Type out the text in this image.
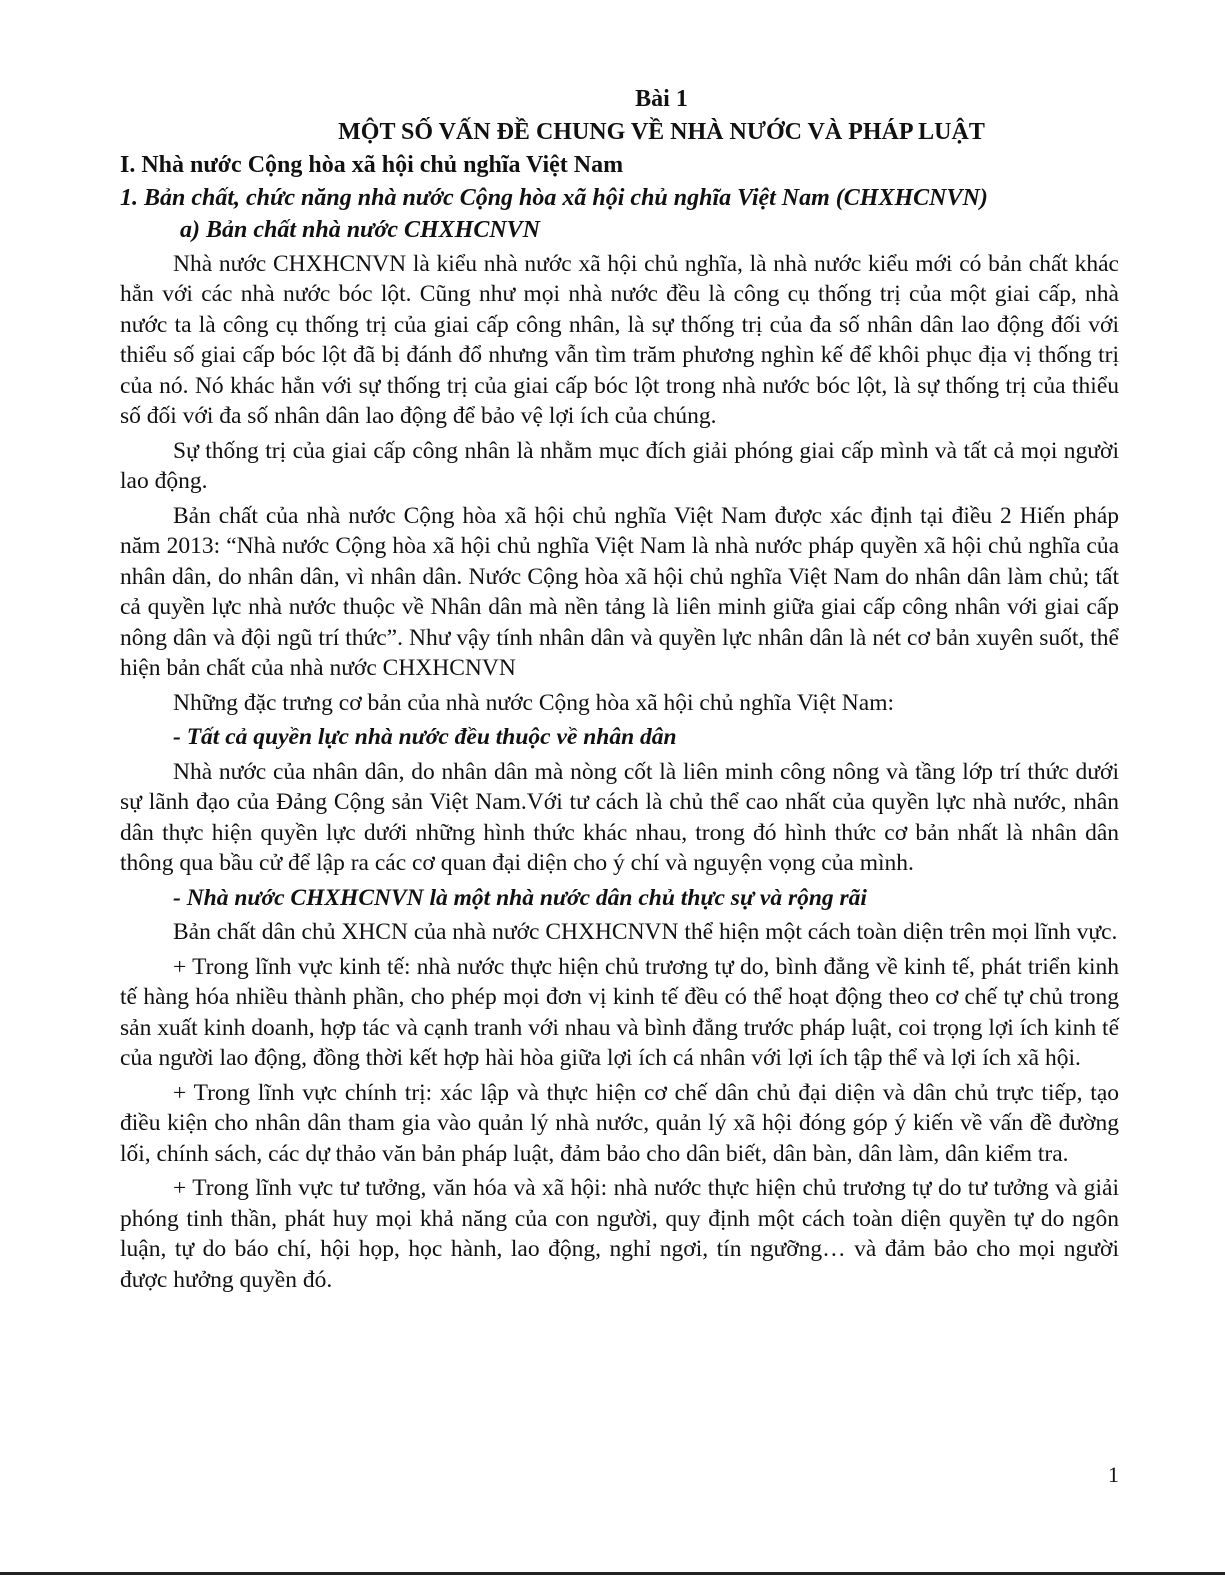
Bài 1
MỘT SỐ VẤN ĐỀ CHUNG VỀ NHÀ NƯỚC VÀ PHÁP LUẬT
I. Nhà nước Cộng hòa xã hội chủ nghĩa Việt Nam
1. Bản chất, chức năng nhà nước Cộng hòa xã hội chủ nghĩa Việt Nam (CHXHCNVN)
a) Bản chất nhà nước CHXHCNVN
Nhà nước CHXHCNVN là kiểu nhà nước xã hội chủ nghĩa, là nhà nước kiểu mới có bản chất khác hẳn với các nhà nước bóc lột. Cũng như mọi nhà nước đều là công cụ thống trị của một giai cấp, nhà nước ta là công cụ thống trị của giai cấp công nhân, là sự thống trị của đa số nhân dân lao động đối với thiểu số giai cấp bóc lột đã bị đánh đổ nhưng vẫn tìm trăm phương nghìn kế để khôi phục địa vị thống trị của nó. Nó khác hẳn với sự thống trị của giai cấp bóc lột trong nhà nước bóc lột, là sự thống trị của thiểu số đối với đa số nhân dân lao động để bảo vệ lợi ích của chúng.
Sự thống trị của giai cấp công nhân là nhằm mục đích giải phóng giai cấp mình và tất cả mọi người lao động.
Bản chất của nhà nước Cộng hòa xã hội chủ nghĩa Việt Nam được xác định tại điều 2 Hiến pháp năm 2013: “Nhà nước Cộng hòa xã hội chủ nghĩa Việt Nam là nhà nước pháp quyền xã hội chủ nghĩa của nhân dân, do nhân dân, vì nhân dân. Nước Cộng hòa xã hội chủ nghĩa Việt Nam do nhân dân làm chủ; tất cả quyền lực nhà nước thuộc về Nhân dân mà nền tảng là liên minh giữa giai cấp công nhân với giai cấp nông dân và đội ngũ trí thức”. Như vậy tính nhân dân và quyền lực nhân dân là nét cơ bản xuyên suốt, thể hiện bản chất của nhà nước CHXHCNVN
Những đặc trưng cơ bản của nhà nước Cộng hòa xã hội chủ nghĩa Việt Nam:
- Tất cả quyền lực nhà nước đều thuộc về nhân dân
Nhà nước của nhân dân, do nhân dân mà nòng cốt là liên minh công nông và tầng lớp trí thức dưới sự lãnh đạo của Đảng Cộng sản Việt Nam.Với tư cách là chủ thể cao nhất của quyền lực nhà nước, nhân dân thực hiện quyền lực dưới những hình thức khác nhau, trong đó hình thức cơ bản nhất là nhân dân thông qua bầu cử để lập ra các cơ quan đại diện cho ý chí và nguyện vọng của mình.
- Nhà nước CHXHCNVN là một nhà nước dân chủ thực sự và rộng rãi
Bản chất dân chủ XHCN của nhà nước CHXHCNVN thể hiện một cách toàn diện trên mọi lĩnh vực.
+ Trong lĩnh vực kinh tế: nhà nước thực hiện chủ trương tự do, bình đẳng về kinh tế, phát triển kinh tế hàng hóa nhiều thành phần, cho phép mọi đơn vị kinh tế đều có thể hoạt động theo cơ chế tự chủ trong sản xuất kinh doanh, hợp tác và cạnh tranh với nhau và bình đẳng trước pháp luật, coi trọng lợi ích kinh tế của người lao động, đồng thời kết hợp hài hòa giữa lợi ích cá nhân với lợi ích tập thể và lợi ích xã hội.
+ Trong lĩnh vực chính trị: xác lập và thực hiện cơ chế dân chủ đại diện và dân chủ trực tiếp, tạo điều kiện cho nhân dân tham gia vào quản lý nhà nước, quản lý xã hội đóng góp ý kiến về vấn đề đường lối, chính sách, các dự thảo văn bản pháp luật, đảm bảo cho dân biết, dân bàn, dân làm, dân kiểm tra.
+ Trong lĩnh vực tư tưởng, văn hóa và xã hội: nhà nước thực hiện chủ trương tự do tư tưởng và giải phóng tinh thần, phát huy mọi khả năng của con người, quy định một cách toàn diện quyền tự do ngôn luận, tự do báo chí, hội họp, học hành, lao động, nghỉ ngơi, tín ngưỡng… và đảm bảo cho mọi người được hưởng quyền đó.
1
